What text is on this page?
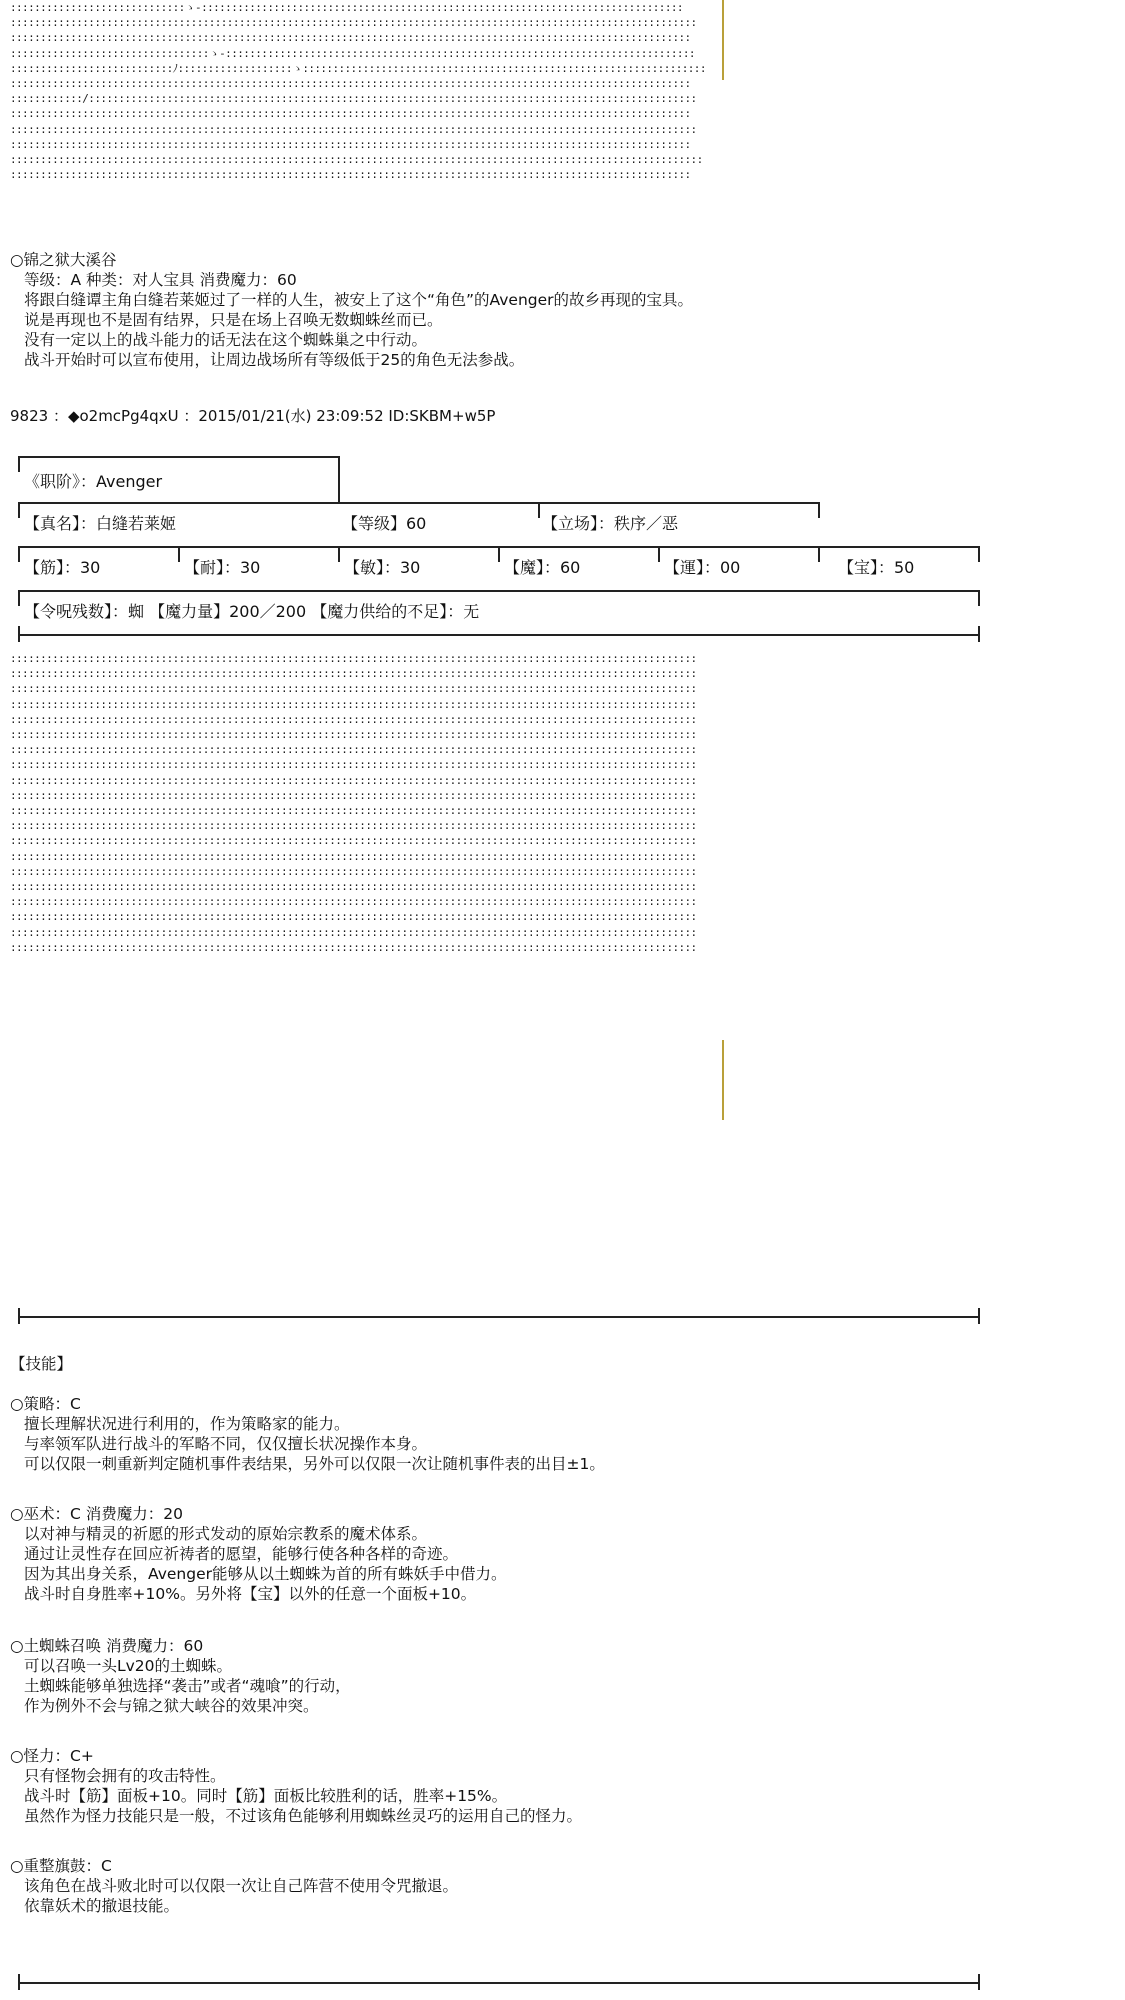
:::::::::::::::::::::::::::::ゝ-::::::::::::::::::::::::::::::::::::::::::::::::::::::::::::::::::::::::::::::::
::::::::::::::::::::::::::::::::::::::::::::::::::::::::::::::::::::::::::::::::::::::::::::::::::::::::::::::::::
:::::::::::::::::::::::::::::::::::::::::::::::::::::::::::::::::::::::::::::::::::::::::::::::::::::::::::::::::
:::::::::::::::::::::::::::::::::ゝ-::::::::::::::::::::::::::::::::::::::::::::::::::::::::::::::::::::::::::::::
:::::::::::::::::::::::::::ﾉ:::::::::::::::::::ゝ:::::::::::::::::::::::::::::::::::::::::::::::::::::::::::::::::::
:::::::::::::::::::::::::::::::::::::::::::::::::::::::::::::::::::::::::::::::::::::::::::::::::::::::::::::::::
::::::::::::/:::::::::::::::::::::::::::::::::::::::::::::::::::::::::::::::::::::::::::::::::::::::::::::::::::::
:::::::::::::::::::::::::::::::::::::::::::::::::::::::::::::::::::::::::::::::::::::::::::::::::::::::::::::::::
::::::::::::::::::::::::::::::::::::::::::::::::::::::::::::::::::::::::::::::::::::::::::::::::::::::::::::::::::
:::::::::::::::::::::::::::::::::::::::::::::::::::::::::::::::::::::::::::::::::::::::::::::::::::::::::::::::::
:::::::::::::::::::::::::::::::::::::::::::::::::::::::::::::::::::::::::::::::::::::::::::::::::::::::::::::::::::
:::::::::::::::::::::::::::::::::::::::::::::::::::::::::::::::::::::::::::::::::::::::::::::::::::::::::::::::::
○锦之狱大溪谷
等级：A 种类：对人宝具 消费魔力：60
将跟白缝谭主角白缝若莱姬过了一样的人生，被安上了这个“角色”的Avenger的故乡再现的宝具。
说是再现也不是固有结界，只是在场上召唤无数蜘蛛丝而已。
没有一定以上的战斗能力的话无法在这个蜘蛛巢之中行动。
战斗开始时可以宣布使用，让周边战场所有等级低于25的角色无法参战。
9823 ：◆o2mcPg4qxU ：2015/01/21(水) 23:09:52 ID:SKBM+w5P
《职阶》：Avenger
【真名】：白缝若莱姬	【等级】60	【立场】：秩序／恶
【筋】：30	【耐】：30	【敏】：30	【魔】：60	【運】：00	【宝】：50
【令呪残数】：蜘 【魔力量】200／200 【魔力供给的不足】：无
::::::::::::::::::::::::::::::::::::::::::::::::::::::::::::::::::::::::::::::::::::::::::::::::::::::::::::::::::
::::::::::::::::::::::::::::::::::::::::::::::::::::::::::::::::::::::::::::::::::::::::::::::::::::::::::::::::::
::::::::::::::::::::::::::::::::::::::::::::::::::::::::::::::::::::::::::::::::::::::::::::::::::::::::::::::::::
::::::::::::::::::::::::::::::::::::::::::::::::::::::::::::::::::::::::::::::::::::::::::::::::::::::::::::::::::
::::::::::::::::::::::::::::::::::::::::::::::::::::::::::::::::::::::::::::::::::::::::::::::::::::::::::::::::::
::::::::::::::::::::::::::::::::::::::::::::::::::::::::::::::::::::::::::::::::::::::::::::::::::::::::::::::::::
::::::::::::::::::::::::::::::::::::::::::::::::::::::::::::::::::::::::::::::::::::::::::::::::::::::::::::::::::
::::::::::::::::::::::::::::::::::::::::::::::::::::::::::::::::::::::::::::::::::::::::::::::::::::::::::::::::::
::::::::::::::::::::::::::::::::::::::::::::::::::::::::::::::::::::::::::::::::::::::::::::::::::::::::::::::::::
::::::::::::::::::::::::::::::::::::::::::::::::::::::::::::::::::::::::::::::::::::::::::::::::::::::::::::::::::
::::::::::::::::::::::::::::::::::::::::::::::::::::::::::::::::::::::::::::::::::::::::::::::::::::::::::::::::::
::::::::::::::::::::::::::::::::::::::::::::::::::::::::::::::::::::::::::::::::::::::::::::::::::::::::::::::::::
::::::::::::::::::::::::::::::::::::::::::::::::::::::::::::::::::::::::::::::::::::::::::::::::::::::::::::::::::
::::::::::::::::::::::::::::::::::::::::::::::::::::::::::::::::::::::::::::::::::::::::::::::::::::::::::::::::::
::::::::::::::::::::::::::::::::::::::::::::::::::::::::::::::::::::::::::::::::::::::::::::::::::::::::::::::::::
::::::::::::::::::::::::::::::::::::::::::::::::::::::::::::::::::::::::::::::::::::::::::::::::::::::::::::::::::
::::::::::::::::::::::::::::::::::::::::::::::::::::::::::::::::::::::::::::::::::::::::::::::::::::::::::::::::::
::::::::::::::::::::::::::::::::::::::::::::::::::::::::::::::::::::::::::::::::::::::::::::::::::::::::::::::::::
::::::::::::::::::::::::::::::::::::::::::::::::::::::::::::::::::::::::::::::::::::::::::::::::::::::::::::::::::
::::::::::::::::::::::::::::::::::::::::::::::::::::::::::::::::::::::::::::::::::::::::::::::::::::::::::::::::::
【技能】
○策略：C
擅长理解状况进行利用的，作为策略家的能力。
与率领军队进行战斗的军略不同，仅仅擅长状况操作本身。
可以仅限一刺重新判定随机事件表结果，另外可以仅限一次让随机事件表的出目±1。
○巫术：C 消费魔力：20
以对神与精灵的祈愿的形式发动的原始宗教系的魔术体系。
通过让灵性存在回应祈祷者的愿望，能够行使各种各样的奇迹。
因为其出身关系，Avenger能够从以土蜘蛛为首的所有蛛妖手中借力。
战斗时自身胜率+10%。另外将【宝】以外的任意一个面板+10。
○土蜘蛛召唤 消费魔力：60
可以召唤一头Lv20的土蜘蛛。
土蜘蛛能够单独选择“袭击”或者“魂喰”的行动，
作为例外不会与锦之狱大峡谷的效果冲突。
○怪力：C+
只有怪物会拥有的攻击特性。
战斗时【筋】面板+10。同时【筋】面板比较胜利的话，胜率+15%。
虽然作为怪力技能只是一般，不过该角色能够利用蜘蛛丝灵巧的运用自己的怪力。
○重整旗鼓：C
该角色在战斗败北时可以仅限一次让自己阵营不使用令咒撤退。
依靠妖术的撤退技能。
